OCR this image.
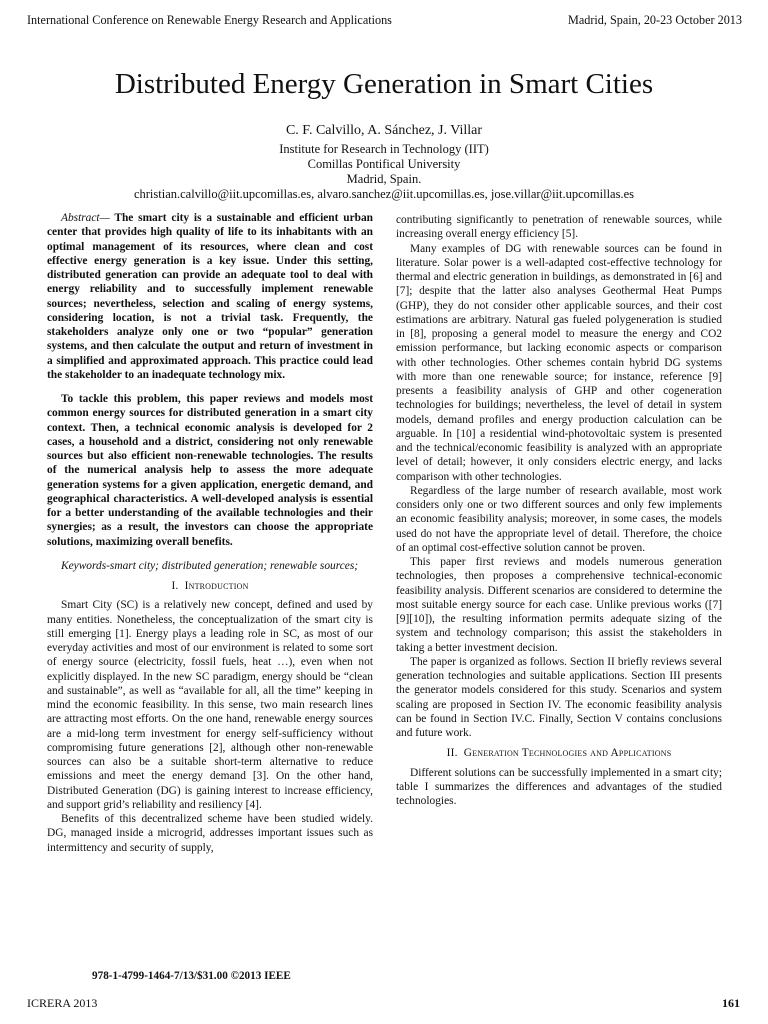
International Conference on Renewable Energy Research and Applications	Madrid, Spain, 20-23 October 2013
Distributed Energy Generation in Smart Cities
C. F. Calvillo, A. Sánchez, J. Villar
Institute for Research in Technology (IIT)
Comillas Pontifical University
Madrid, Spain.
christian.calvillo@iit.upcomillas.es, alvaro.sanchez@iit.upcomillas.es, jose.villar@iit.upcomillas.es

Abstract— The smart city is a sustainable and efficient urban center that provides high quality of life to its inhabitants with an optimal management of its resources, where clean and cost effective energy generation is a key issue. Under this setting, distributed generation can provide an adequate tool to deal with energy reliability and to successfully implement renewable sources; nevertheless, selection and scaling of energy systems, considering location, is not a trivial task. Frequently, the stakeholders analyze only one or two “popular” generation systems, and then calculate the output and return of investment in a simplified and approximated approach. This practice could lead the stakeholder to an inadequate technology mix.

To tackle this problem, this paper reviews and models most common energy sources for distributed generation in a smart city context. Then, a technical economic analysis is developed for 2 cases, a household and a district, considering not only renewable sources but also efficient non-renewable technologies. The results of the numerical analysis help to assess the more adequate generation systems for a given application, energetic demand, and geographical characteristics. A well-developed analysis is essential for a better understanding of the available technologies and their synergies; as a result, the investors can choose the appropriate solutions, maximizing overall benefits.

Keywords-smart city; distributed generation; renewable sources;

I. Introduction

Smart City (SC) is a relatively new concept, defined and used by many entities. Nonetheless, the conceptualization of the smart city is still emerging [1]. Energy plays a leading role in SC, as most of our everyday activities and most of our environment is related to some sort of energy source (electricity, fossil fuels, heat …), even when not explicitly displayed. In the new SC paradigm, energy should be “clean and sustainable”, as well as “available for all, all the time” keeping in mind the economic feasibility. In this sense, two main research lines are attracting most efforts. On the one hand, renewable energy sources are a mid-long term investment for energy self-sufficiency without compromising future generations [2], although other non-renewable sources can also be a suitable short-term alternative to reduce emissions and meet the energy demand [3]. On the other hand, Distributed Generation (DG) is gaining interest to increase efficiency, and support grid’s reliability and resiliency [4].

Benefits of this decentralized scheme have been studied widely. DG, managed inside a microgrid, addresses important issues such as intermittency and security of supply,

contributing significantly to penetration of renewable sources, while increasing overall energy efficiency [5].

Many examples of DG with renewable sources can be found in literature. Solar power is a well-adapted cost-effective technology for thermal and electric generation in buildings, as demonstrated in [6] and [7]; despite that the latter also analyses Geothermal Heat Pumps (GHP), they do not consider other applicable sources, and their cost estimations are arbitrary. Natural gas fueled polygeneration is studied in [8], proposing a general model to measure the energy and CO2 emission performance, but lacking economic aspects or comparison with other technologies. Other schemes contain hybrid DG systems with more than one renewable source; for instance, reference [9] presents a feasibility analysis of GHP and other cogeneration technologies for buildings; nevertheless, the level of detail in system models, demand profiles and energy production calculation can be arguable. In [10] a residential wind-photovoltaic system is presented and the technical/economic feasibility is analyzed with an appropriate level of detail; however, it only considers electric energy, and lacks comparison with other technologies.

Regardless of the large number of research available, most work considers only one or two different sources and only few implements an economic feasibility analysis; moreover, in some cases, the models used do not have the appropriate level of detail. Therefore, the choice of an optimal cost-effective solution cannot be proven.

This paper first reviews and models numerous generation technologies, then proposes a comprehensive technical-economic feasibility analysis. Different scenarios are considered to determine the most suitable energy source for each case. Unlike previous works ([7][9][10]), the resulting information permits adequate sizing of the system and technology comparison; this assist the stakeholders in taking a better investment decision.

The paper is organized as follows. Section II briefly reviews several generation technologies and suitable applications. Section III presents the generator models considered for this study. Scenarios and system scaling are proposed in Section IV. The economic feasibility analysis can be found in Section IV.C. Finally, Section V contains conclusions and future work.

II. Generation Technologies and Applications

Different solutions can be successfully implemented in a smart city; table I summarizes the differences and advantages of the studied technologies.

978-1-4799-1464-7/13/$31.00 ©2013 IEEE
ICRERA 2013	161
